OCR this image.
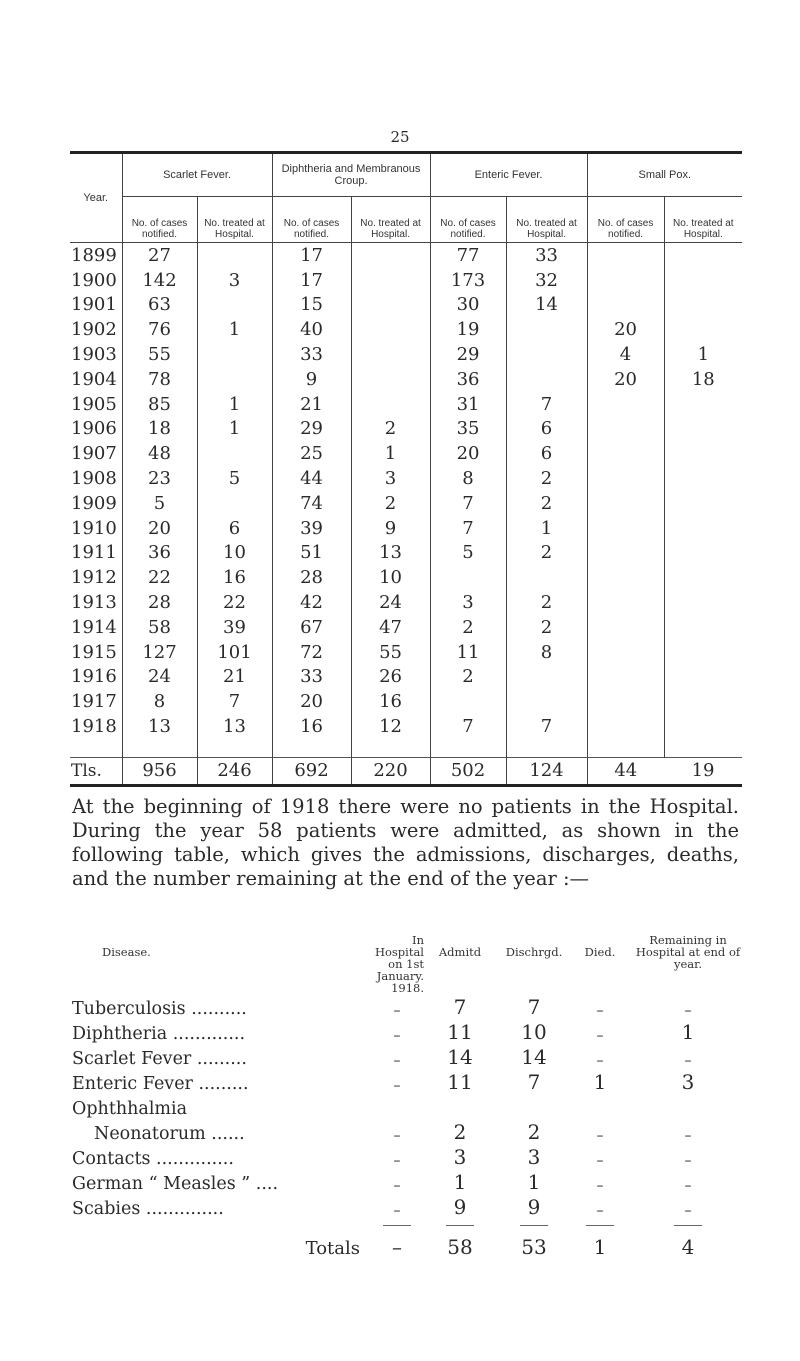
25
Year.	Scarlet Fever.		Diphtheria and Membranous Croup.		Enteric Fever.		Small Pox.	
	No. of cases notified.	No. treated at Hospital.	No. of cases notified.	No. treated at Hospital.	No. of cases notified.	No. treated at Hospital.	No. of cases notified.	No. treated at Hospital.
1899	27		17		77	33		
1900	142	3	17		173	32		
1901	63		15		30	14		
1902	76	1	40		19		20	
1903	55		33		29		4	1
1904	78		9		36		20	18
1905	85	1	21		31	7		
1906	18	1	29	2	35	6		
1907	48		25	1	20	6		
1908	23	5	44	3	8	2		
1909	5		74	2	7	2		
1910	20	6	39	9	7	1		
1911	36	10	51	13	5	2		
1912	22	16	28	10				
1913	28	22	42	24	3	2		
1914	58	39	67	47	2	2		
1915	127	101	72	55	11	8		
1916	24	21	33	26	2			
1917	8	7	20	16				
1918	13	13	16	12	7	7		

Tls.	956	246	692	220	502	124	44	19

At the beginning of 1918 there were no patients in the Hospital. During the year 58 patients were admitted, as shown in the following table, which gives the admissions, discharges, deaths, and the number remaining at the end of the year :—

Disease.	In Hospital on 1st January. 1918.	Admitd	Dischrgd.	Died.	Remaining in Hospital at end of year.
Tuberculosis ..........	–	7	7	–	–
Diphtheria .............	–	11	10	–	1
Scarlet Fever .........	–	14	14	–	–
Enteric Fever .........	–	11	7	1	3
Ophthhalmia					
Neonatorum ......	–	2	2	–	–
Contacts ..............	–	3	3	–	–
German “ Measles ” ....	–	1	1	–	–
Scabies ..............	–	9	9	–	–

Totals	–	58	53	1	4
